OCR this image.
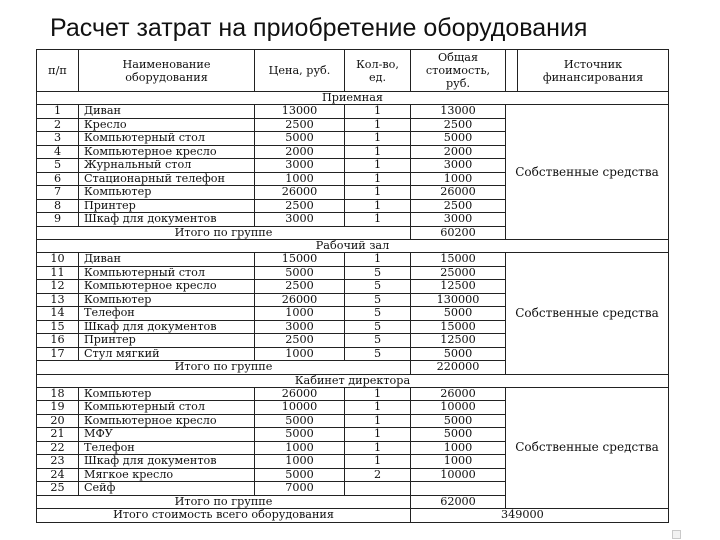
Расчет затрат на приобретение оборудования
п/п	Наименование оборудования	Цена, руб.	Кол-во, ед.	Общая стоимость, руб.		Источник финансирования
Приемная						
1	Диван	13000	1	13000	Собственные средства	
2	Кресло	2500	1	2500		
3	Компьютерный стол	5000	1	5000		
4	Компьютерное кресло	2000	1	2000		
5	Журнальный стол	3000	1	3000		
6	Стационарный телефон	1000	1	1000		
7	Компьютер	26000	1	26000		
8	Принтер	2500	1	2500		
9	Шкаф для документов	3000	1	3000		
Итого по группе				60200		
Рабочий зал						
10	Диван	15000	1	15000	Собственные средства	
11	Компьютерный стол	5000	5	25000		
12	Компьютерное кресло	2500	5	12500		
13	Компьютер	26000	5	130000		
14	Телефон	1000	5	5000		
15	Шкаф для документов	3000	5	15000		
16	Принтер	2500	5	12500		
17	Стул мягкий	1000	5	5000		
Итого по группе				220000		
Кабинет директора						
18	Компьютер	26000	1	26000	Собственные средства	
19	Компьютерный стол	10000	1	10000		
20	Компьютерное кресло	5000	1	5000		
21	МФУ	5000	1	5000		
22	Телефон	1000	1	1000		
23	Шкаф для документов	1000	1	1000		
24	Мягкое кресло	5000	2	10000		
25	Сейф	7000				
Итого по группе				62000		
Итого стоимость всего оборудования				349000		
